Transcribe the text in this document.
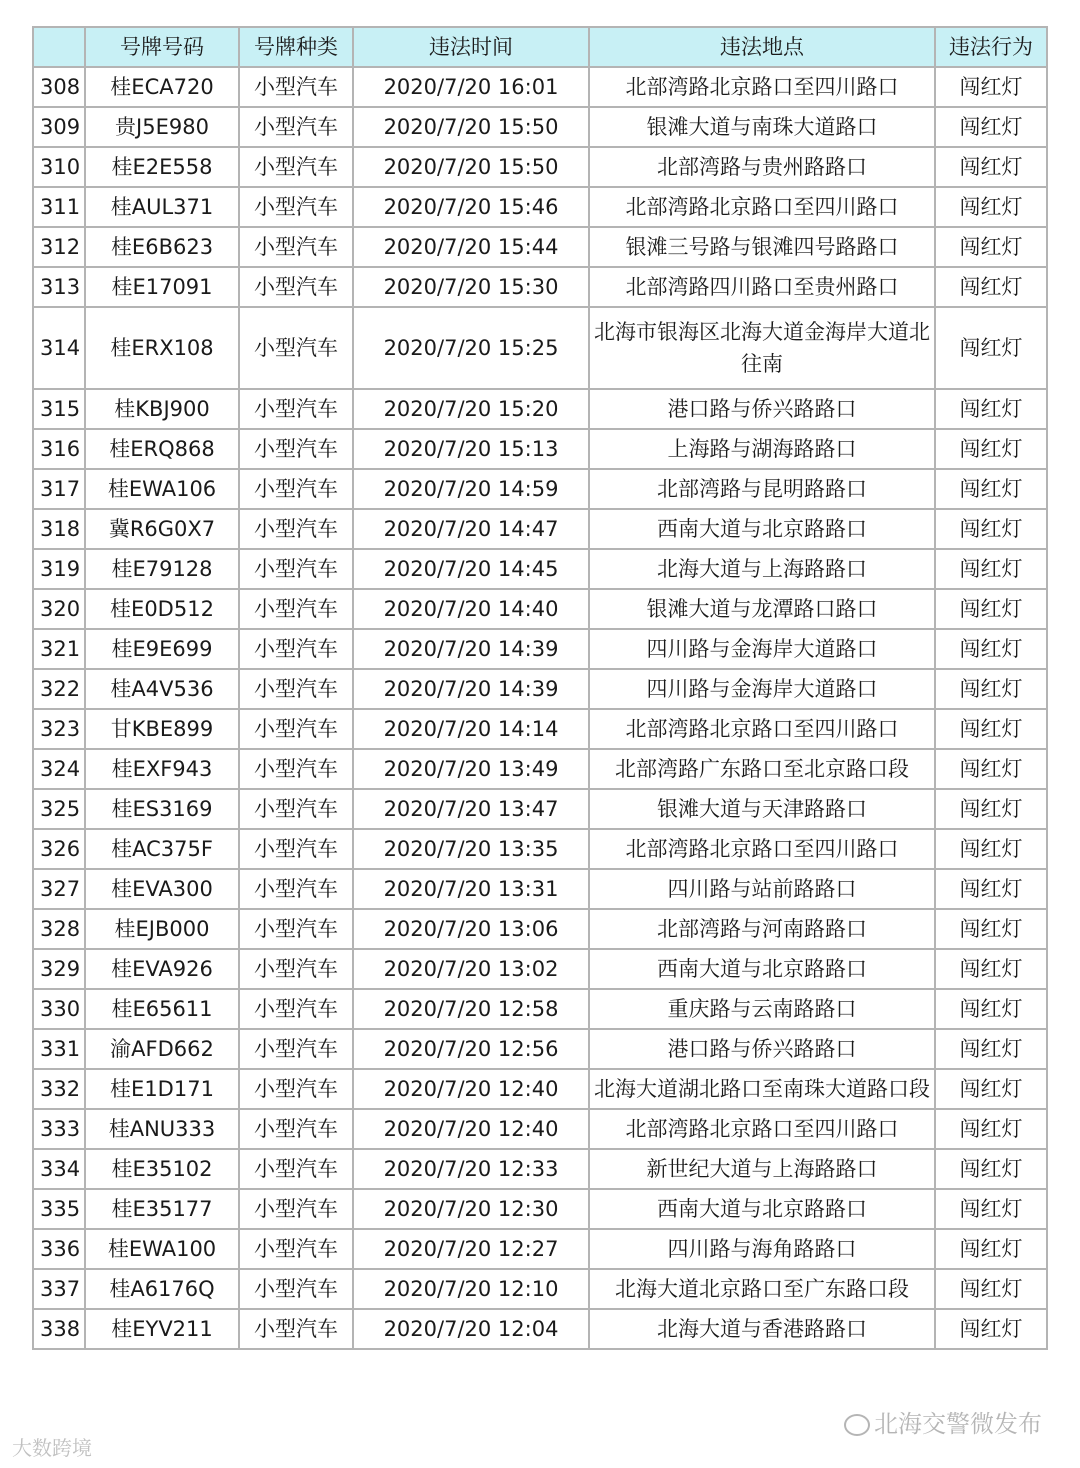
	号牌号码	号牌种类	违法时间	违法地点	违法行为
308	桂ECA720	小型汽车	2020/7/20 16:01	北部湾路北京路口至四川路口	闯红灯
309	贵J5E980	小型汽车	2020/7/20 15:50	银滩大道与南珠大道路口	闯红灯
310	桂E2E558	小型汽车	2020/7/20 15:50	北部湾路与贵州路路口	闯红灯
311	桂AUL371	小型汽车	2020/7/20 15:46	北部湾路北京路口至四川路口	闯红灯
312	桂E6B623	小型汽车	2020/7/20 15:44	银滩三号路与银滩四号路路口	闯红灯
313	桂E17091	小型汽车	2020/7/20 15:30	北部湾路四川路口至贵州路口	闯红灯
314	桂ERX108	小型汽车	2020/7/20 15:25	北海市银海区北海大道金海岸大道北往南	闯红灯
315	桂KBJ900	小型汽车	2020/7/20 15:20	港口路与侨兴路路口	闯红灯
316	桂ERQ868	小型汽车	2020/7/20 15:13	上海路与湖海路路口	闯红灯
317	桂EWA106	小型汽车	2020/7/20 14:59	北部湾路与昆明路路口	闯红灯
318	冀R6G0X7	小型汽车	2020/7/20 14:47	西南大道与北京路路口	闯红灯
319	桂E79128	小型汽车	2020/7/20 14:45	北海大道与上海路路口	闯红灯
320	桂E0D512	小型汽车	2020/7/20 14:40	银滩大道与龙潭路口路口	闯红灯
321	桂E9E699	小型汽车	2020/7/20 14:39	四川路与金海岸大道路口	闯红灯
322	桂A4V536	小型汽车	2020/7/20 14:39	四川路与金海岸大道路口	闯红灯
323	甘KBE899	小型汽车	2020/7/20 14:14	北部湾路北京路口至四川路口	闯红灯
324	桂EXF943	小型汽车	2020/7/20 13:49	北部湾路广东路口至北京路口段	闯红灯
325	桂ES3169	小型汽车	2020/7/20 13:47	银滩大道与天津路路口	闯红灯
326	桂AC375F	小型汽车	2020/7/20 13:35	北部湾路北京路口至四川路口	闯红灯
327	桂EVA300	小型汽车	2020/7/20 13:31	四川路与站前路路口	闯红灯
328	桂EJB000	小型汽车	2020/7/20 13:06	北部湾路与河南路路口	闯红灯
329	桂EVA926	小型汽车	2020/7/20 13:02	西南大道与北京路路口	闯红灯
330	桂E65611	小型汽车	2020/7/20 12:58	重庆路与云南路路口	闯红灯
331	渝AFD662	小型汽车	2020/7/20 12:56	港口路与侨兴路路口	闯红灯
332	桂E1D171	小型汽车	2020/7/20 12:40	北海大道湖北路口至南珠大道路口段	闯红灯
333	桂ANU333	小型汽车	2020/7/20 12:40	北部湾路北京路口至四川路口	闯红灯
334	桂E35102	小型汽车	2020/7/20 12:33	新世纪大道与上海路路口	闯红灯
335	桂E35177	小型汽车	2020/7/20 12:30	西南大道与北京路路口	闯红灯
336	桂EWA100	小型汽车	2020/7/20 12:27	四川路与海角路路口	闯红灯
337	桂A6176Q	小型汽车	2020/7/20 12:10	北海大道北京路口至广东路口段	闯红灯
338	桂EYV211	小型汽车	2020/7/20 12:04	北海大道与香港路路口	闯红灯
北海交警微发布
大数跨境
